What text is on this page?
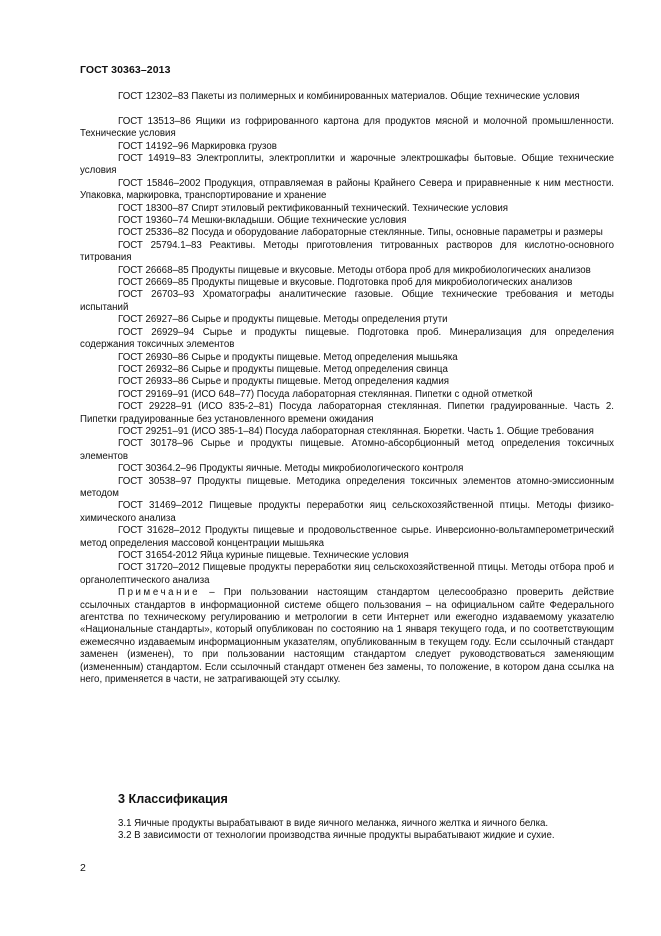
ГОСТ 30363–2013

ГОСТ 12302–83 Пакеты из полимерных и комбинированных материалов. Общие технические условия

ГОСТ 13513–86 Ящики из гофрированного картона для продуктов мясной и молочной промышленности. Технические условия

ГОСТ 14192–96 Маркировка грузов

ГОСТ 14919–83 Электроплиты, электроплитки и жарочные электрошкафы бытовые. Общие технические условия

ГОСТ 15846–2002 Продукция, отправляемая в районы Крайнего Севера и приравненные к ним местности. Упаковка, маркировка, транспортирование и хранение

ГОСТ 18300–87 Спирт этиловый ректификованный технический. Технические условия

ГОСТ 19360–74 Мешки-вкладыши. Общие технические условия

ГОСТ 25336–82 Посуда и оборудование лабораторные стеклянные. Типы, основные параметры и размеры

ГОСТ 25794.1–83 Реактивы. Методы приготовления титрованных растворов для кислотно-основного титрования

ГОСТ 26668–85 Продукты пищевые и вкусовые. Методы отбора проб для микробиологических анализов

ГОСТ 26669–85 Продукты пищевые и вкусовые. Подготовка проб для микробиологических анализов

ГОСТ 26703–93 Хроматографы аналитические газовые. Общие технические требования и методы испытаний

ГОСТ 26927–86 Сырье и продукты пищевые. Методы определения ртути

ГОСТ 26929–94 Сырье и продукты пищевые. Подготовка проб. Минерализация для определения содержания токсичных элементов

ГОСТ 26930–86 Сырье и продукты пищевые. Метод определения мышьяка

ГОСТ 26932–86 Сырье и продукты пищевые. Метод определения свинца

ГОСТ 26933–86 Сырье и продукты пищевые. Метод определения кадмия

ГОСТ 29169–91 (ИСО 648–77) Посуда лабораторная стеклянная. Пипетки с одной отметкой

ГОСТ 29228–91 (ИСО 835-2–81) Посуда лабораторная стеклянная. Пипетки градуированные. Часть 2. Пипетки градуированные без установленного времени ожидания

ГОСТ 29251–91 (ИСО 385-1–84) Посуда лабораторная стеклянная. Бюретки. Часть 1. Общие требования

ГОСТ 30178–96 Сырье и продукты пищевые. Атомно-абсорбционный метод определения токсичных элементов

ГОСТ 30364.2–96 Продукты яичные. Методы микробиологического контроля

ГОСТ 30538–97 Продукты пищевые. Методика определения токсичных элементов атомно-эмиссионным методом

ГОСТ 31469–2012 Пищевые продукты переработки яиц сельскохозяйственной птицы. Методы физико-химического анализа

ГОСТ 31628–2012 Продукты пищевые и продовольственное сырье. Инверсионно-вольтамперометрический метод определения массовой концентрации мышьяка

ГОСТ 31654-2012 Яйца куриные пищевые. Технические условия

ГОСТ 31720–2012 Пищевые продукты переработки яиц сельскохозяйственной птицы. Методы отбора проб и органолептического анализа

Примечание – При пользовании настоящим стандартом целесообразно проверить действие ссылочных стандартов в информационной системе общего пользования – на официальном сайте Федерального агентства по техническому регулированию и метрологии в сети Интернет или ежегодно издаваемому указателю «Национальные стандарты», который опубликован по состоянию на 1 января текущего года, и по соответствующим ежемесячно издаваемым информационным указателям, опубликованным в текущем году. Если ссылочный стандарт заменен (изменен), то при пользовании настоящим стандартом следует руководствоваться заменяющим (измененным) стандартом. Если ссылочный стандарт отменен без замены, то положение, в котором дана ссылка на него, применяется в части, не затрагивающей эту ссылку.

3 Классификация

3.1 Яичные продукты вырабатывают в виде яичного меланжа, яичного желтка и яичного белка.

3.2 В зависимости от технологии производства яичные продукты вырабатывают жидкие и сухие.

2
